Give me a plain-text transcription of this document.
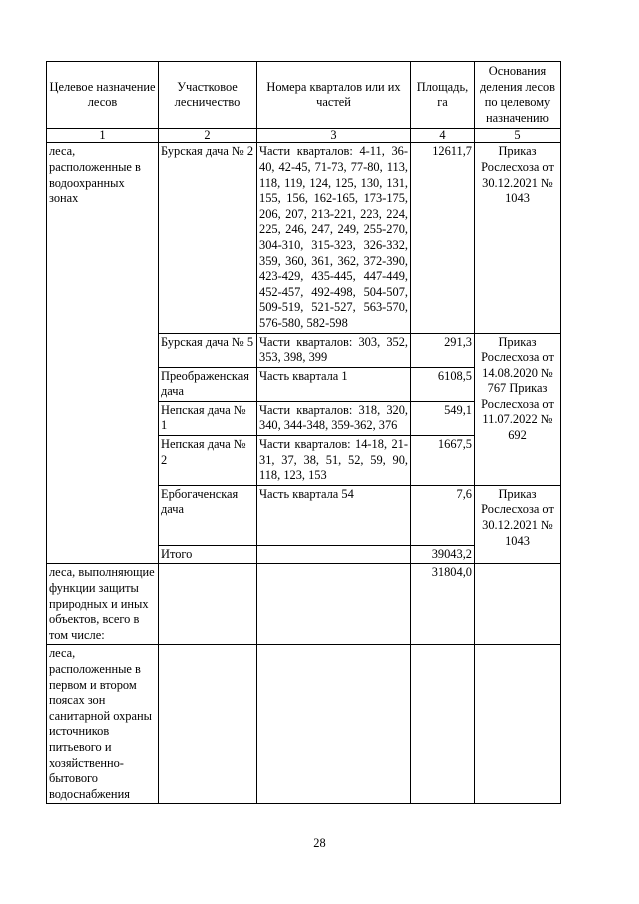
Целевое назначение лесов	Участковое лесничество	Номера кварталов или их частей	Площадь, га	Основания деления лесов по целевому назначению
1	2	3	4	5
леса, расположенные в водоохранных зонах	Бурская дача № 2	Части кварталов: 4-11, 36-40, 42-45, 71-73, 77-80, 113, 118, 119, 124, 125, 130, 131, 155, 156, 162-165, 173-175, 206, 207, 213-221, 223, 224, 225, 246, 247, 249, 255-270, 304-310, 315-323, 326-332, 359, 360, 361, 362, 372-390, 423-429, 435-445, 447-449, 452-457, 492-498, 504-507, 509-519, 521-527, 563-570, 576-580, 582-598	12611,7	Приказ Рослесхоза от 30.12.2021 № 1043
	Бурская дача № 5	Части кварталов: 303, 352, 353, 398, 399	291,3	Приказ Рослесхоза от 14.08.2020 № 767 Приказ Рослесхоза от 11.07.2022 № 692
	Преображенская дача	Часть квартала 1	6108,5	
	Непская дача № 1	Части кварталов: 318, 320, 340, 344-348, 359-362, 376	549,1	
	Непская дача № 2	Части кварталов: 14-18, 21-31, 37, 38, 51, 52, 59, 90, 118, 123, 153	1667,5	
	Ербогаченская дача	Часть квартала 54	7,6	Приказ Рослесхоза от 30.12.2021 № 1043
	Итого		39043,2	
леса, выполняющие функции защиты природных и иных объектов, всего в том числе:			31804,0	
леса, расположенные в первом и втором поясах зон санитарной охраны источников питьевого и хозяйственно-бытового водоснабжения				
28
